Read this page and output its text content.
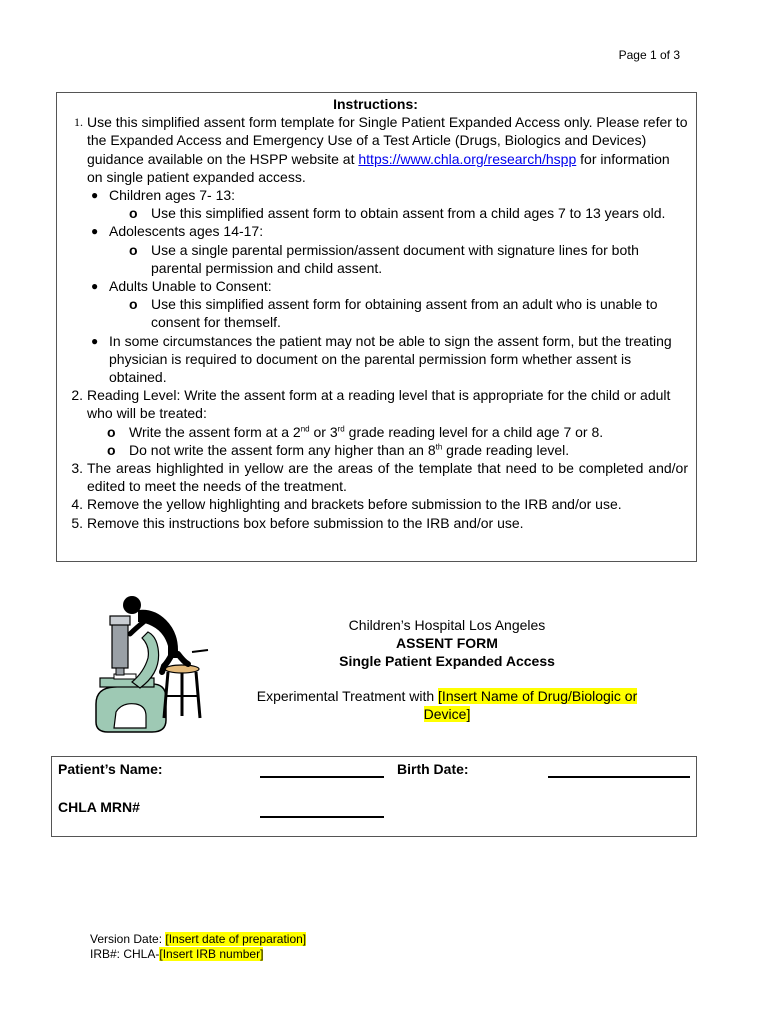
Page 1 of 3

Instructions:

1. Use this simplified assent form template for Single Patient Expanded Access only. Please refer to the Expanded Access and Emergency Use of a Test Article (Drugs, Biologics and Devices) guidance available on the HSPP website at https://www.chla.org/research/hspp for information on single patient expanded access.
● Children ages 7- 13:
o Use this simplified assent form to obtain assent from a child ages 7 to 13 years old.
● Adolescents ages 14-17:
o Use a single parental permission/assent document with signature lines for both parental permission and child assent.
● Adults Unable to Consent:
o Use this simplified assent form for obtaining assent from an adult who is unable to consent for themself.
● In some circumstances the patient may not be able to sign the assent form, but the treating physician is required to document on the parental permission form whether assent is obtained.
2. Reading Level: Write the assent form at a reading level that is appropriate for the child or adult who will be treated:
o Write the assent form at a 2nd or 3rd grade reading level for a child age 7 or 8.
o Do not write the assent form any higher than an 8th grade reading level.
3. The areas highlighted in yellow are the areas of the template that need to be completed and/or edited to meet the needs of the treatment.
4. Remove the yellow highlighting and brackets before submission to the IRB and/or use.
5. Remove this instructions box before submission to the IRB and/or use.
Children’s Hospital Los Angeles
ASSENT FORM
Single Patient Expanded Access
Experimental Treatment with [Insert Name of Drug/Biologic or
Device]
Patient’s Name:	Birth Date:
CHLA MRN#
Version Date: [Insert date of preparation]
IRB#: CHLA-[Insert IRB number]
